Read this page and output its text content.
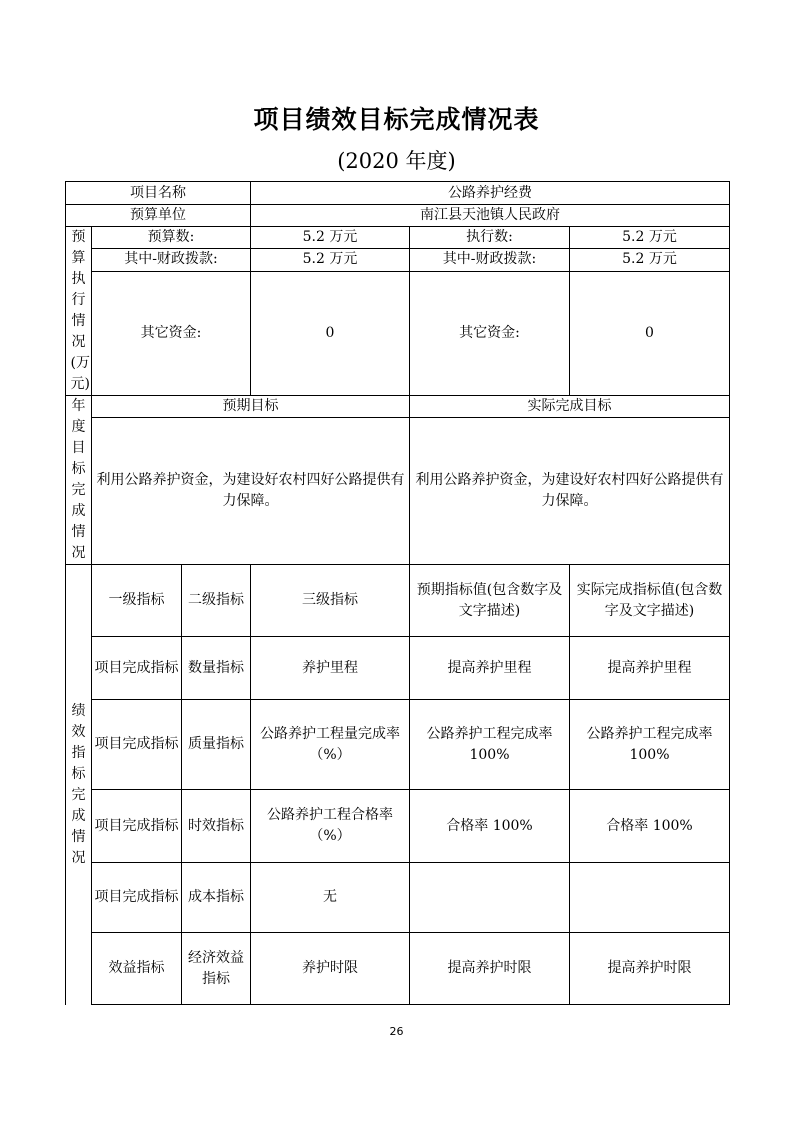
项目绩效目标完成情况表
(2020 年度)
项目名称			公路养护经费		
预算单位			南江县天池镇人民政府		

预算执行情况(万元)	预算数:		5.2 万元	执行数:	5.2 万元
	其中-财政拨款:		5.2 万元	其中-财政拨款:	5.2 万元
	其它资金:		0	其它资金:	0

年度目标完成情况	预期目标			实际完成目标	
	利用公路养护资金，为建设好农村四好公路提供有力保障。			利用公路养护资金，为建设好农村四好公路提供有力保障。	

绩效指标完成情况	一级指标	二级指标	三级指标	预期指标值(包含数字及文字描述)	实际完成指标值(包含数字及文字描述)
	项目完成指标	数量指标	养护里程	提高养护里程	提高养护里程
	项目完成指标	质量指标	公路养护工程量完成率（%）	公路养护工程完成率 100%	公路养护工程完成率 100%
	项目完成指标	时效指标	公路养护工程合格率（%）	合格率 100%	合格率 100%
	项目完成指标	成本指标	无		
	效益指标	经济效益指标	养护时限	提高养护时限	提高养护时限
26
